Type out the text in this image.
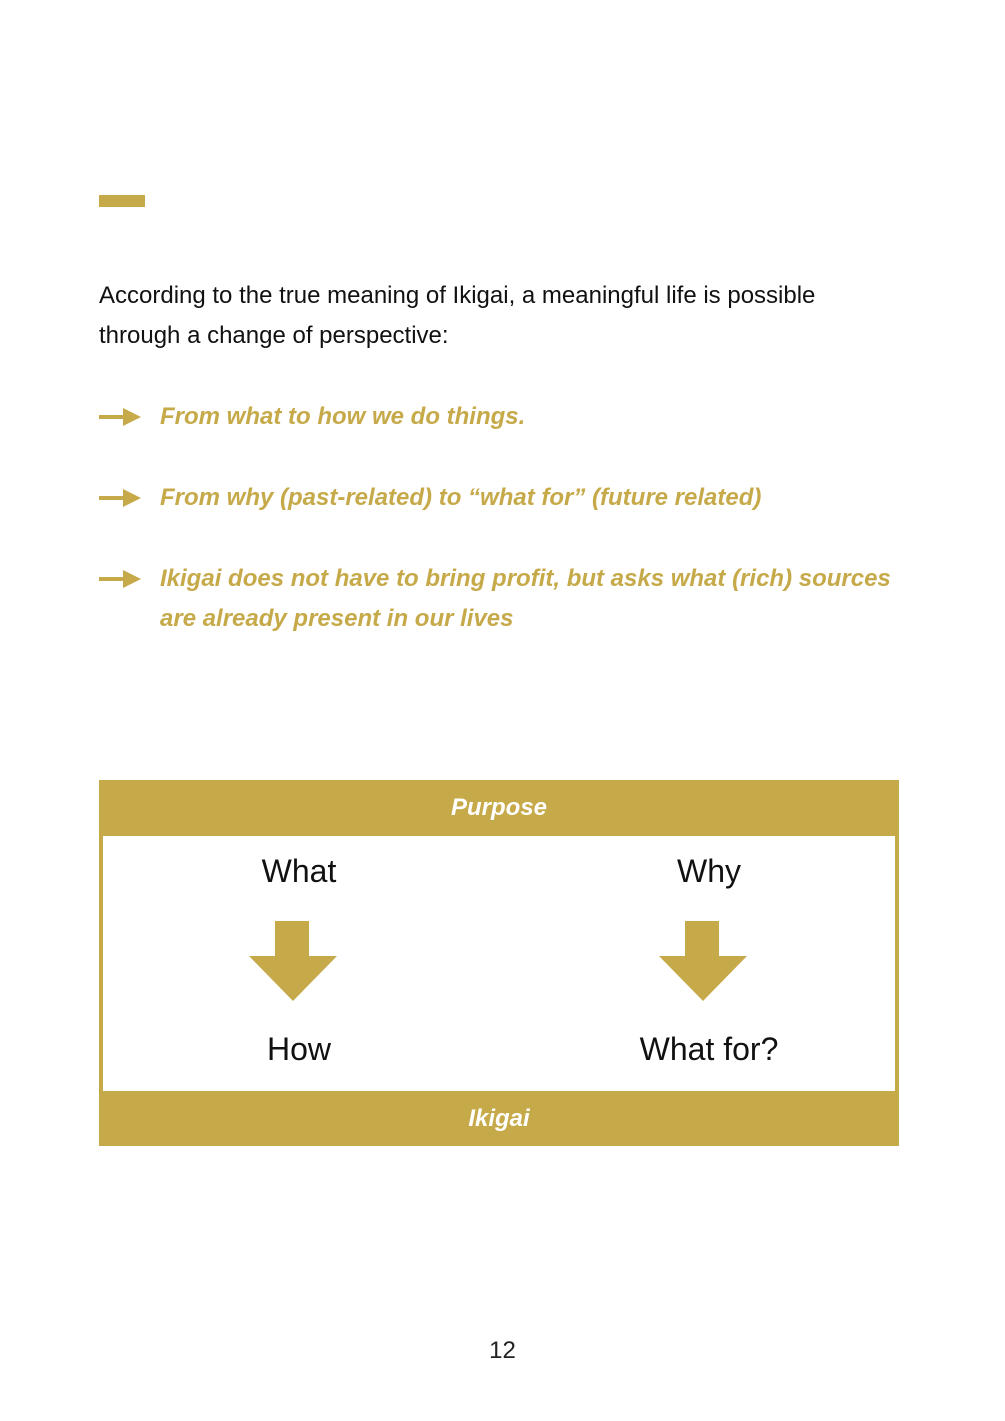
According to the true meaning of Ikigai, a meaningful life is possible through a change of perspective:
From what to how we do things.
From why (past-related) to “what for” (future related)
Ikigai does not have to bring profit, but asks what (rich) sources are already present in our lives
Purpose
What
How
Why
What for?
Ikigai
12
